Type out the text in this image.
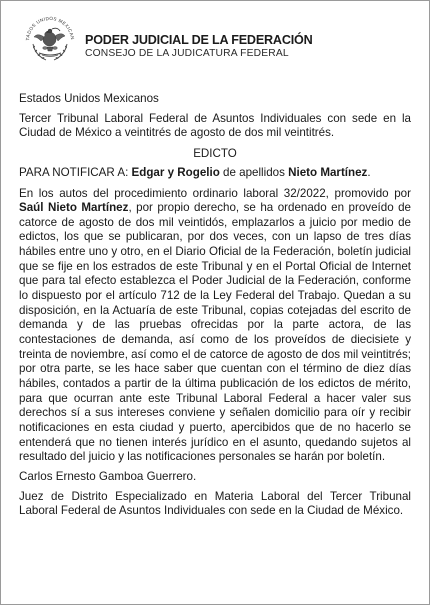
TADOS UNIDOS MEXICAN PODER JUDICIAL DE LA FEDERACIÓN
CONSEJO DE LA JUDICATURA FEDERAL

Estados Unidos Mexicanos

Tercer Tribunal Laboral Federal de Asuntos Individuales con sede en la Ciudad de México a veintitrés de agosto de dos mil veintitrés.

EDICTO

PARA NOTIFICAR A: Edgar y Rogelio de apellidos Nieto Martínez.

En los autos del procedimiento ordinario laboral 32/2022, promovido por Saúl Nieto Martínez, por propio derecho, se ha ordenado en proveído de catorce de agosto de dos mil veintidós, emplazarlos a juicio por medio de edictos, los que se publicaran, por dos veces, con un lapso de tres días hábiles entre uno y otro, en el Diario Oficial de la Federación, boletín judicial que se fije en los estrados de este Tribunal y en el Portal Oficial de Internet que para tal efecto establezca el Poder Judicial de la Federación, conforme lo dispuesto por el artículo 712 de la Ley Federal del Trabajo. Quedan a su disposición, en la Actuaría de este Tribunal, copias cotejadas del escrito de demanda y de las pruebas ofrecidas por la parte actora, de las contestaciones de demanda, así como de los proveídos de diecisiete y treinta de noviembre, así como el de catorce de agosto de dos mil veintitrés; por otra parte, se les hace saber que cuentan con el término de diez días hábiles, contados a partir de la última publicación de los edictos de mérito, para que ocurran ante este Tribunal Laboral Federal a hacer valer sus derechos sí a sus intereses conviene y señalen domicilio para oír y recibir notificaciones en esta ciudad y puerto, apercibidos que de no hacerlo se entenderá que no tienen interés jurídico en el asunto, quedando sujetos al resultado del juicio y las notificaciones personales se harán por boletín.

Carlos Ernesto Gamboa Guerrero.

Juez de Distrito Especializado en Materia Laboral del Tercer Tribunal Laboral Federal de Asuntos Individuales con sede en la Ciudad de México.
